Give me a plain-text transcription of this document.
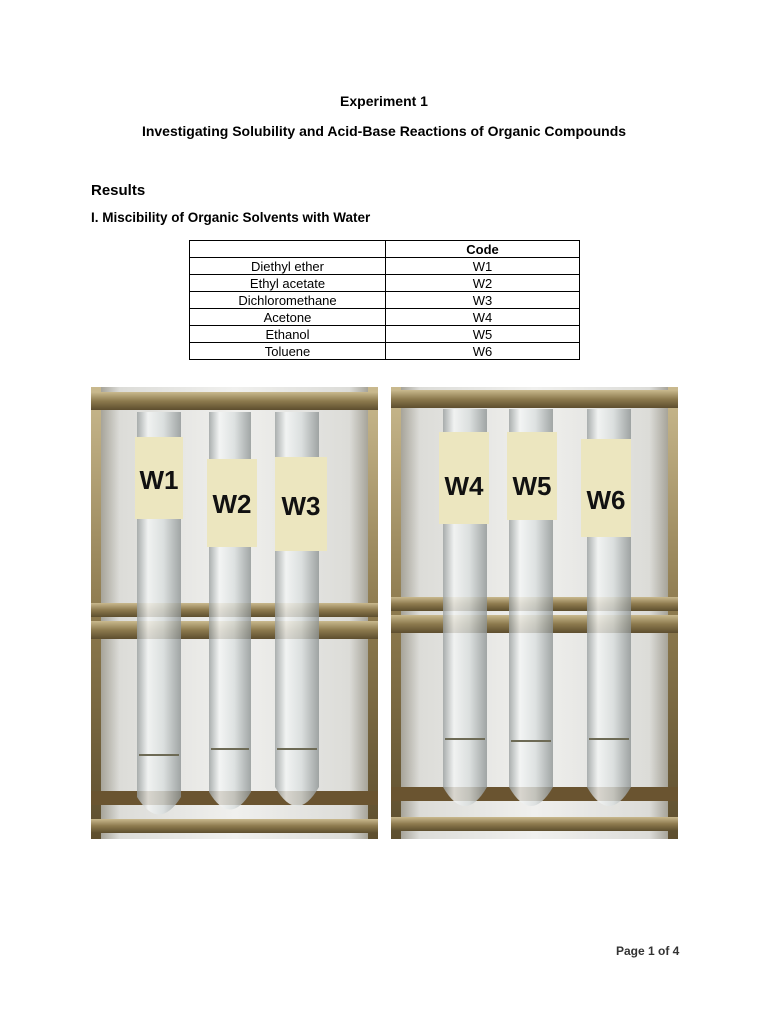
Experiment 1
Investigating Solubility and Acid-Base Reactions of Organic Compounds
Results
I. Miscibility of Organic Solvents with Water
	Code
Diethyl ether	W1
Ethyl acetate	W2
Dichloromethane	W3
Acetone	W4
Ethanol	W5
Toluene	W6
W1
W2 W3
W4 W5 W6
Page 1 of 4
